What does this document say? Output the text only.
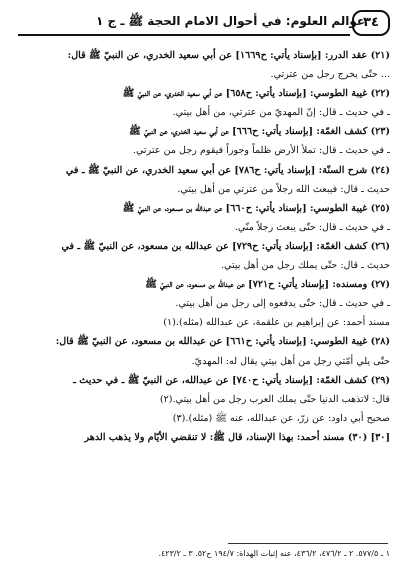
٣٤
عوالم العلوم: في أحوال الامام الحجة ﷺ ـ ج ١

(٢١) عقد الدرر: [بإسناد يأتي: ح١٦٦٩] عن أبي سعيد الخدري، عن النبيّ ﷺ قال:

... حتّى يخرج رجل من عترتي.

(٢٢) غيبة الطوسي: [بإسناد يأتي: ح٦٥٨] عن أبي سعيد الخدري، عن النبيّ ﷺ

ـ في حديث ـ قال: إنّ المهديّ من عترتي، من أهل بيتي.

(٢٣) كشف الغمّة: [بإسناد يأتي: ح٦٦٦] عن أبي سعيد الخدري، عن النبيّ ﷺ

ـ في حديث ـ قال: تملأ الأرض ظلماً وجوراً فيقوم رجل من عترتي.

(٢٤) شرح السنّة: [بإسناد يأتي: ح٧٨٦] عن أبي سعيد الخدري، عن النبيّ ﷺ ـ في

حديث ـ قال: فيبعث الله رجلاً من عترتي من أهل بيتي.

(٢٥) غيبة الطوسي: [بإسناد يأتي: ح٦٦٠] عن عبدالله بن مسعود، عن النبيّ ﷺ

ـ في حديث ـ قال: حتّى يبعث رجلاً منّي.

(٢٦) كشف الغمّة: [بإسناد يأتي: ح٧٢٩] عن عبدالله بن مسعود، عن النبيّ ﷺ ـ في

حديث ـ قال: حتّى يملك رجل من أهل بيتي.

(٢٧) ومسنده: [بإسناد يأتي: ح٧٢١] عن عبدالله بن مسعود، عن النبيّ ﷺ

ـ في حديث ـ قال: حتّى يدفعوه إلى رجل من أهل بيتي.

مسند أحمد: عن إبراهيم بن علقمة، عن عبدالله (مثله).(١)

(٢٨) غيبة الطوسي: [بإسناد يأتي: ح٦٦١] عن عبدالله بن مسعود، عن النبيّ ﷺ قال:

حتّى يلي أمّتي رجل من أهل بيتي يقال له: المهديّ.

(٢٩) كشف الغمّة: [بإسناد يأتي: ح٧٤٠] عن عبدالله، عن النبيّ ﷺ ـ في حديث ـ

قال: لاتذهب الدنيا حتّى يملك العرب رجل من أهل بيتي.(٢)

صحيح أبي داود: عن زرّ، عن عبدالله، عنه ﷺ (مثله).(٣)

[٣٠] (٣٠) مسند أحمد: بهذا الإسناد، قال ﷺ: لا تنقضي الأيّام ولا يذهب الدهر

١ ـ ٥٧٧/٥. ٢ ـ ٤٧٦/٢، ٤٣٦/٢، عنه إثبات الهداة: ١٩٤/٧ ح٥٢. ٣ ـ ٤٢٣/٢.
